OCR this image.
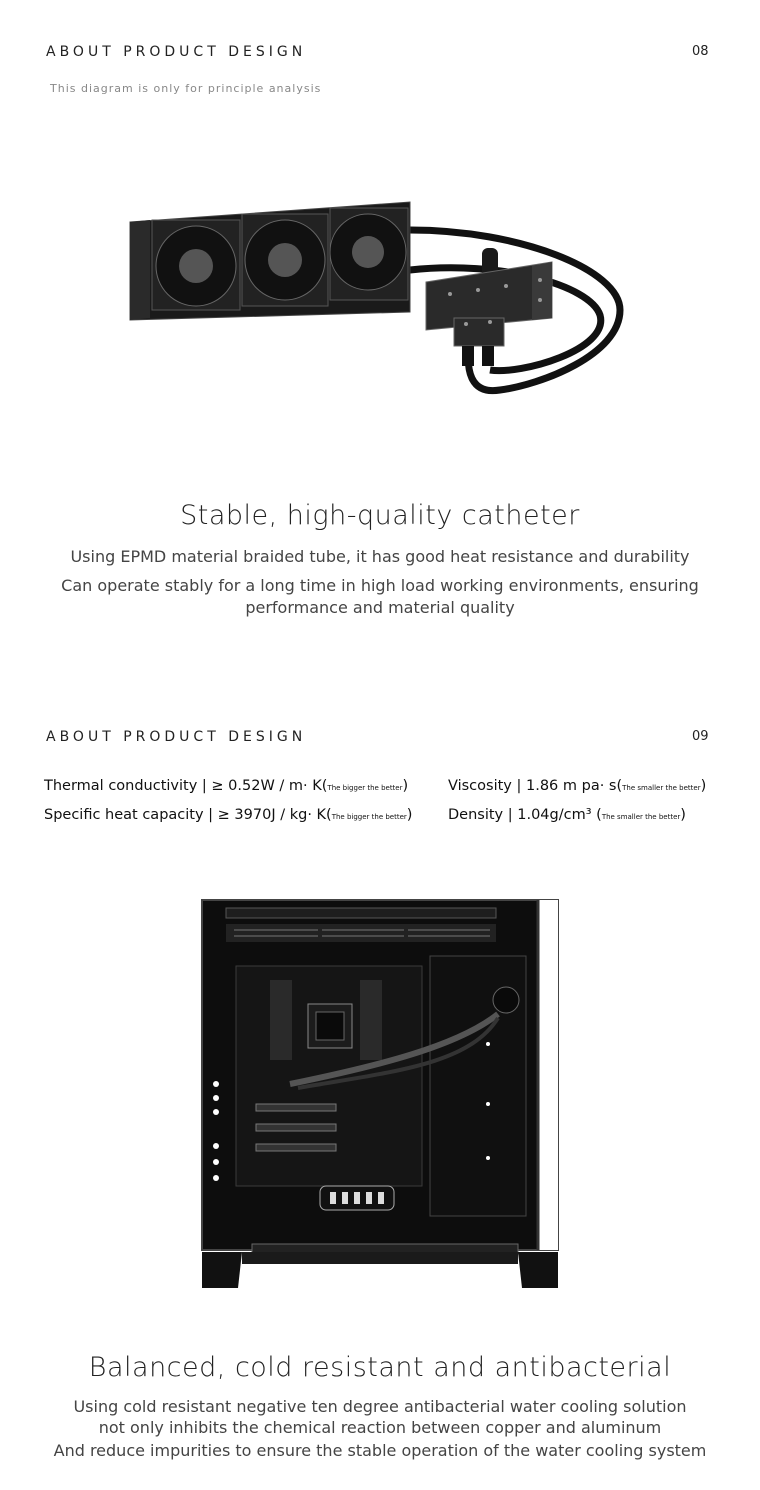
ABOUT PRODUCT DESIGN	08
This diagram is only for principle analysis
Stable, high-quality catheter
Using EPMD material braided tube, it has good heat resistance and durability
Can operate stably for a long time in high load working environments, ensuring
performance and material quality
ABOUT PRODUCT DESIGN	09
Thermal conductivity | ≥ 0.52W / m· K(The bigger the better)	Viscosity | 1.86 m pa· s(The smaller the better)
Specific heat capacity | ≥ 3970J / kg· K(The bigger the better) Density | 1.04g/cm³ (The smaller the better)
Balanced, cold resistant and antibacterial
Using cold resistant negative ten degree antibacterial water cooling solution
not only inhibits the chemical reaction between copper and aluminum
And reduce impurities to ensure the stable operation of the water cooling system
